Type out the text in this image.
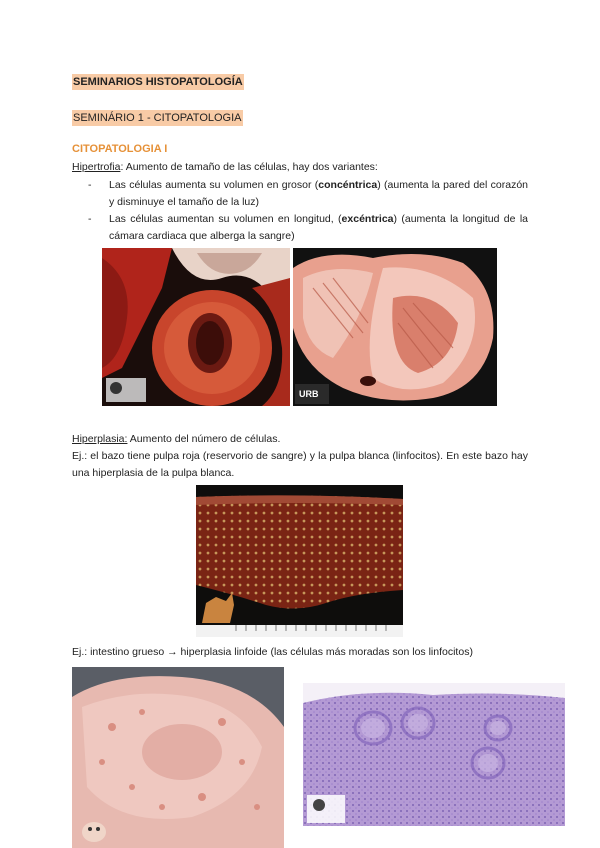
SEMINARIOS HISTOPATOLOGÍA
SEMINÁRIO 1 - CITOPATOLOGIA
CITOPATOLOGIA I
Hipertrofia: Aumento de tamaño de las células, hay dos variantes:
- Las células aumenta su volumen en grosor (concéntrica) (aumenta la pared del corazón y disminuye el tamaño de la luz)
- Las células aumentan su volumen en longitud, (excéntrica) (aumenta la longitud de la cámara cardiaca que alberga la sangre)
URB
Hiperplasia: Aumento del número de células.
Ej.: el bazo tiene pulpa roja (reservorio de sangre) y la pulpa blanca (linfocitos). En este bazo hay una hiperplasia de la pulpa blanca.
Ej.: intestino grueso → hiperplasia linfoide (las células más moradas son los linfocitos)
